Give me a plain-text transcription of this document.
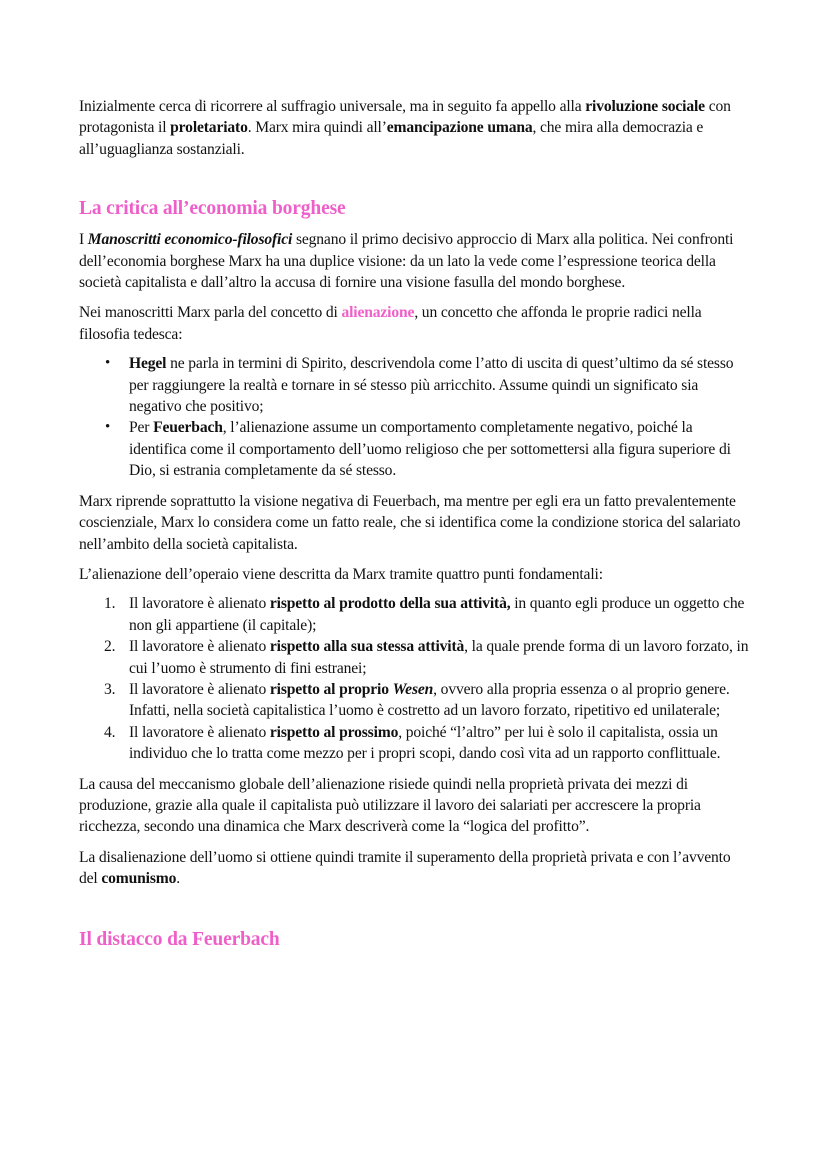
Inizialmente cerca di ricorrere al suffragio universale, ma in seguito fa appello alla rivoluzione sociale con protagonista il proletariato. Marx mira quindi all’emancipazione umana, che mira alla democrazia e all’uguaglianza sostanziali.

La critica all’economia borghese

I Manoscritti economico-filosofici segnano il primo decisivo approccio di Marx alla politica. Nei confronti dell’economia borghese Marx ha una duplice visione: da un lato la vede come l’espressione teorica della società capitalista e dall’altro la accusa di fornire una visione fasulla del mondo borghese.

Nei manoscritti Marx parla del concetto di alienazione, un concetto che affonda le proprie radici nella filosofia tedesca:

• Hegel ne parla in termini di Spirito, descrivendola come l’atto di uscita di quest’ultimo da sé stesso per raggiungere la realtà e tornare in sé stesso più arricchito. Assume quindi un significato sia negativo che positivo;
• Per Feuerbach, l’alienazione assume un comportamento completamente negativo, poiché la identifica come il comportamento dell’uomo religioso che per sottomettersi alla figura superiore di Dio, si estrania completamente da sé stesso.

Marx riprende soprattutto la visione negativa di Feuerbach, ma mentre per egli era un fatto prevalentemente coscienziale, Marx lo considera come un fatto reale, che si identifica come la condizione storica del salariato nell’ambito della società capitalista.

L’alienazione dell’operaio viene descritta da Marx tramite quattro punti fondamentali:

1. Il lavoratore è alienato rispetto al prodotto della sua attività, in quanto egli produce un oggetto che non gli appartiene (il capitale);
2. Il lavoratore è alienato rispetto alla sua stessa attività, la quale prende forma di un lavoro forzato, in cui l’uomo è strumento di fini estranei;
3. Il lavoratore è alienato rispetto al proprio Wesen, ovvero alla propria essenza o al proprio genere. Infatti, nella società capitalistica l’uomo è costretto ad un lavoro forzato, ripetitivo ed unilaterale;
4. Il lavoratore è alienato rispetto al prossimo, poiché “l’altro” per lui è solo il capitalista, ossia un individuo che lo tratta come mezzo per i propri scopi, dando così vita ad un rapporto conflittuale.

La causa del meccanismo globale dell’alienazione risiede quindi nella proprietà privata dei mezzi di produzione, grazie alla quale il capitalista può utilizzare il lavoro dei salariati per accrescere la propria ricchezza, secondo una dinamica che Marx descriverà come la “logica del profitto”.

La disalienazione dell’uomo si ottiene quindi tramite il superamento della proprietà privata e con l’avvento del comunismo.

Il distacco da Feuerbach
